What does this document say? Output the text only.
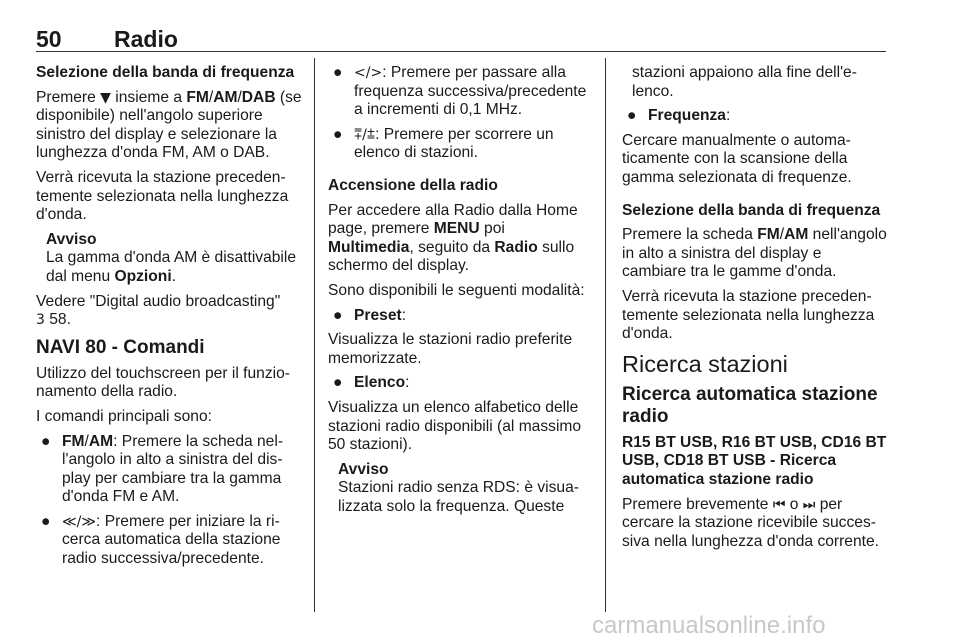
50 Radio

Selezione della banda di frequenza

Premere ▼ insieme a FM/AM/DAB (se disponibile) nell'angolo superiore sinistro del display e selezionare la lunghezza d'onda FM, AM o DAB.

Verrà ricevuta la stazione precedentemente selezionata nella lunghezza d'onda.

Avviso
La gamma d'onda AM è disattivabile dal menu Opzioni.

Vedere "Digital audio broadcasting"
3 58.

NAVI 80 - Comandi

Utilizzo del touchscreen per il funzionamento della radio.

I comandi principali sono:

● FM/AM: Premere la scheda nell'angolo in alto a sinistra del display per cambiare tra la gamma d'onda FM e AM.
● ≪/≫: Premere per iniziare la ricerca automatica della stazione radio successiva/precedente.
● </>: Premere per passare alla frequenza successiva/precedente a incrementi di 0,1 MHz.
● ⩱/⩲: Premere per scorrere un elenco di stazioni.

Accensione della radio

Per accedere alla Radio dalla Home page, premere MENU poi
Multimedia, seguito da Radio sullo schermo del display.

Sono disponibili le seguenti modalità:

● Preset:

Visualizza le stazioni radio preferite memorizzate.

● Elenco:

Visualizza un elenco alfabetico delle stazioni radio disponibili (al massimo 50 stazioni).

Avviso
Stazioni radio senza RDS: è visualizzata solo la frequenza. Queste

stazioni appaiono alla fine dell'elenco.

● Frequenza:

Cercare manualmente o automaticamente con la scansione della gamma selezionata di frequenze.

Selezione della banda di frequenza

Premere la scheda FM/AM nell'angolo in alto a sinistra del display e cambiare tra le gamme d'onda.

Verrà ricevuta la stazione precedentemente selezionata nella lunghezza d'onda.

Ricerca stazioni

Ricerca automatica stazione radio

R15 BT USB, R16 BT USB, CD16 BT USB, CD18 BT USB - Ricerca automatica stazione radio

Premere brevemente ⏮ o ⏭ per cercare la stazione ricevibile successiva nella lunghezza d'onda corrente.

carmanualsonline.info
